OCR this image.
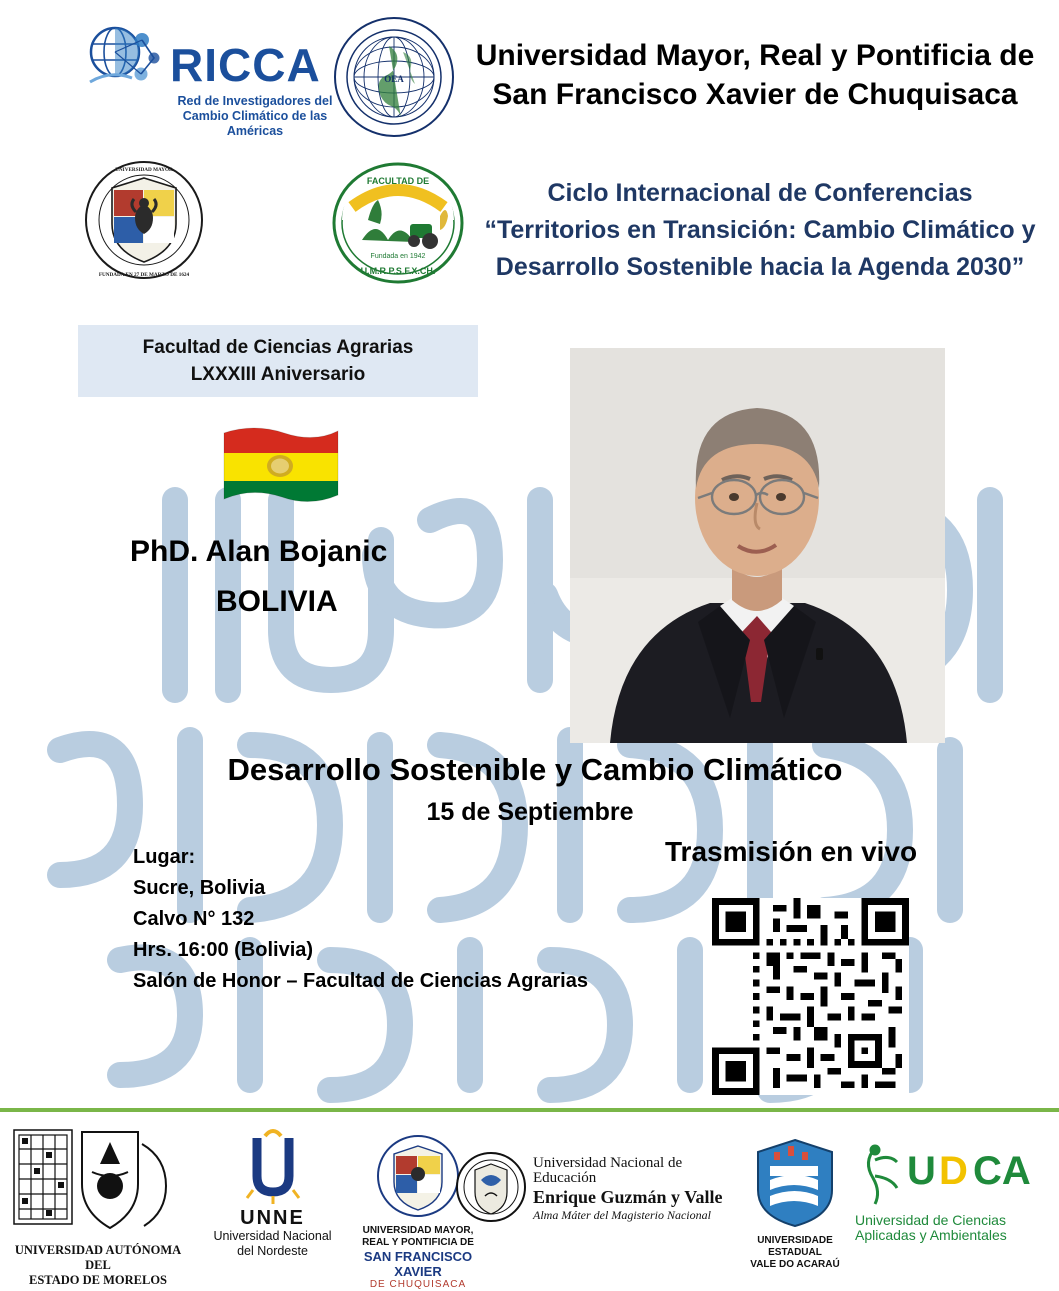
RICCA
Red de Investigadores del Cambio Climático de las Américas
OEA
UNIVERSIDAD MAYOR
FUNDADA EN 27 DE MARZO DE 1624
FACULTAD DE
Fundada en 1942
U.M.R.P.S.F.X.CH.
Facultad de Ciencias Agrarias
LXXXIII Aniversario
Universidad Mayor, Real y Pontificia de San Francisco Xavier de Chuquisaca
Ciclo Internacional de Conferencias “Territorios en Transición: Cambio Climático y Desarrollo Sostenible hacia la Agenda 2030”
PhD. Alan Bojanic
BOLIVIA
Desarrollo Sostenible y Cambio Climático
15 de Septiembre
Trasmisión en vivo
Lugar:
Sucre, Bolivia
Calvo N° 132
Hrs. 16:00 (Bolivia)
Salón de Honor – Facultad de Ciencias Agrarias
UNIVERSIDAD AUTÓNOMA DEL
ESTADO DE MORELOS
UNNE
Universidad Nacional
del Nordeste
UNIVERSIDAD MAYOR, REAL Y PONTIFICIA DE
SAN FRANCISCO XAVIER
DE CHUQUISACA
Universidad Nacional de Educación
Enrique Guzmán y Valle
Alma Máter del Magisterio Nacional
UNIVERSIDADE ESTADUAL
VALE DO ACARAÚ
U D CA
Universidad de Ciencias
Aplicadas y Ambientales
